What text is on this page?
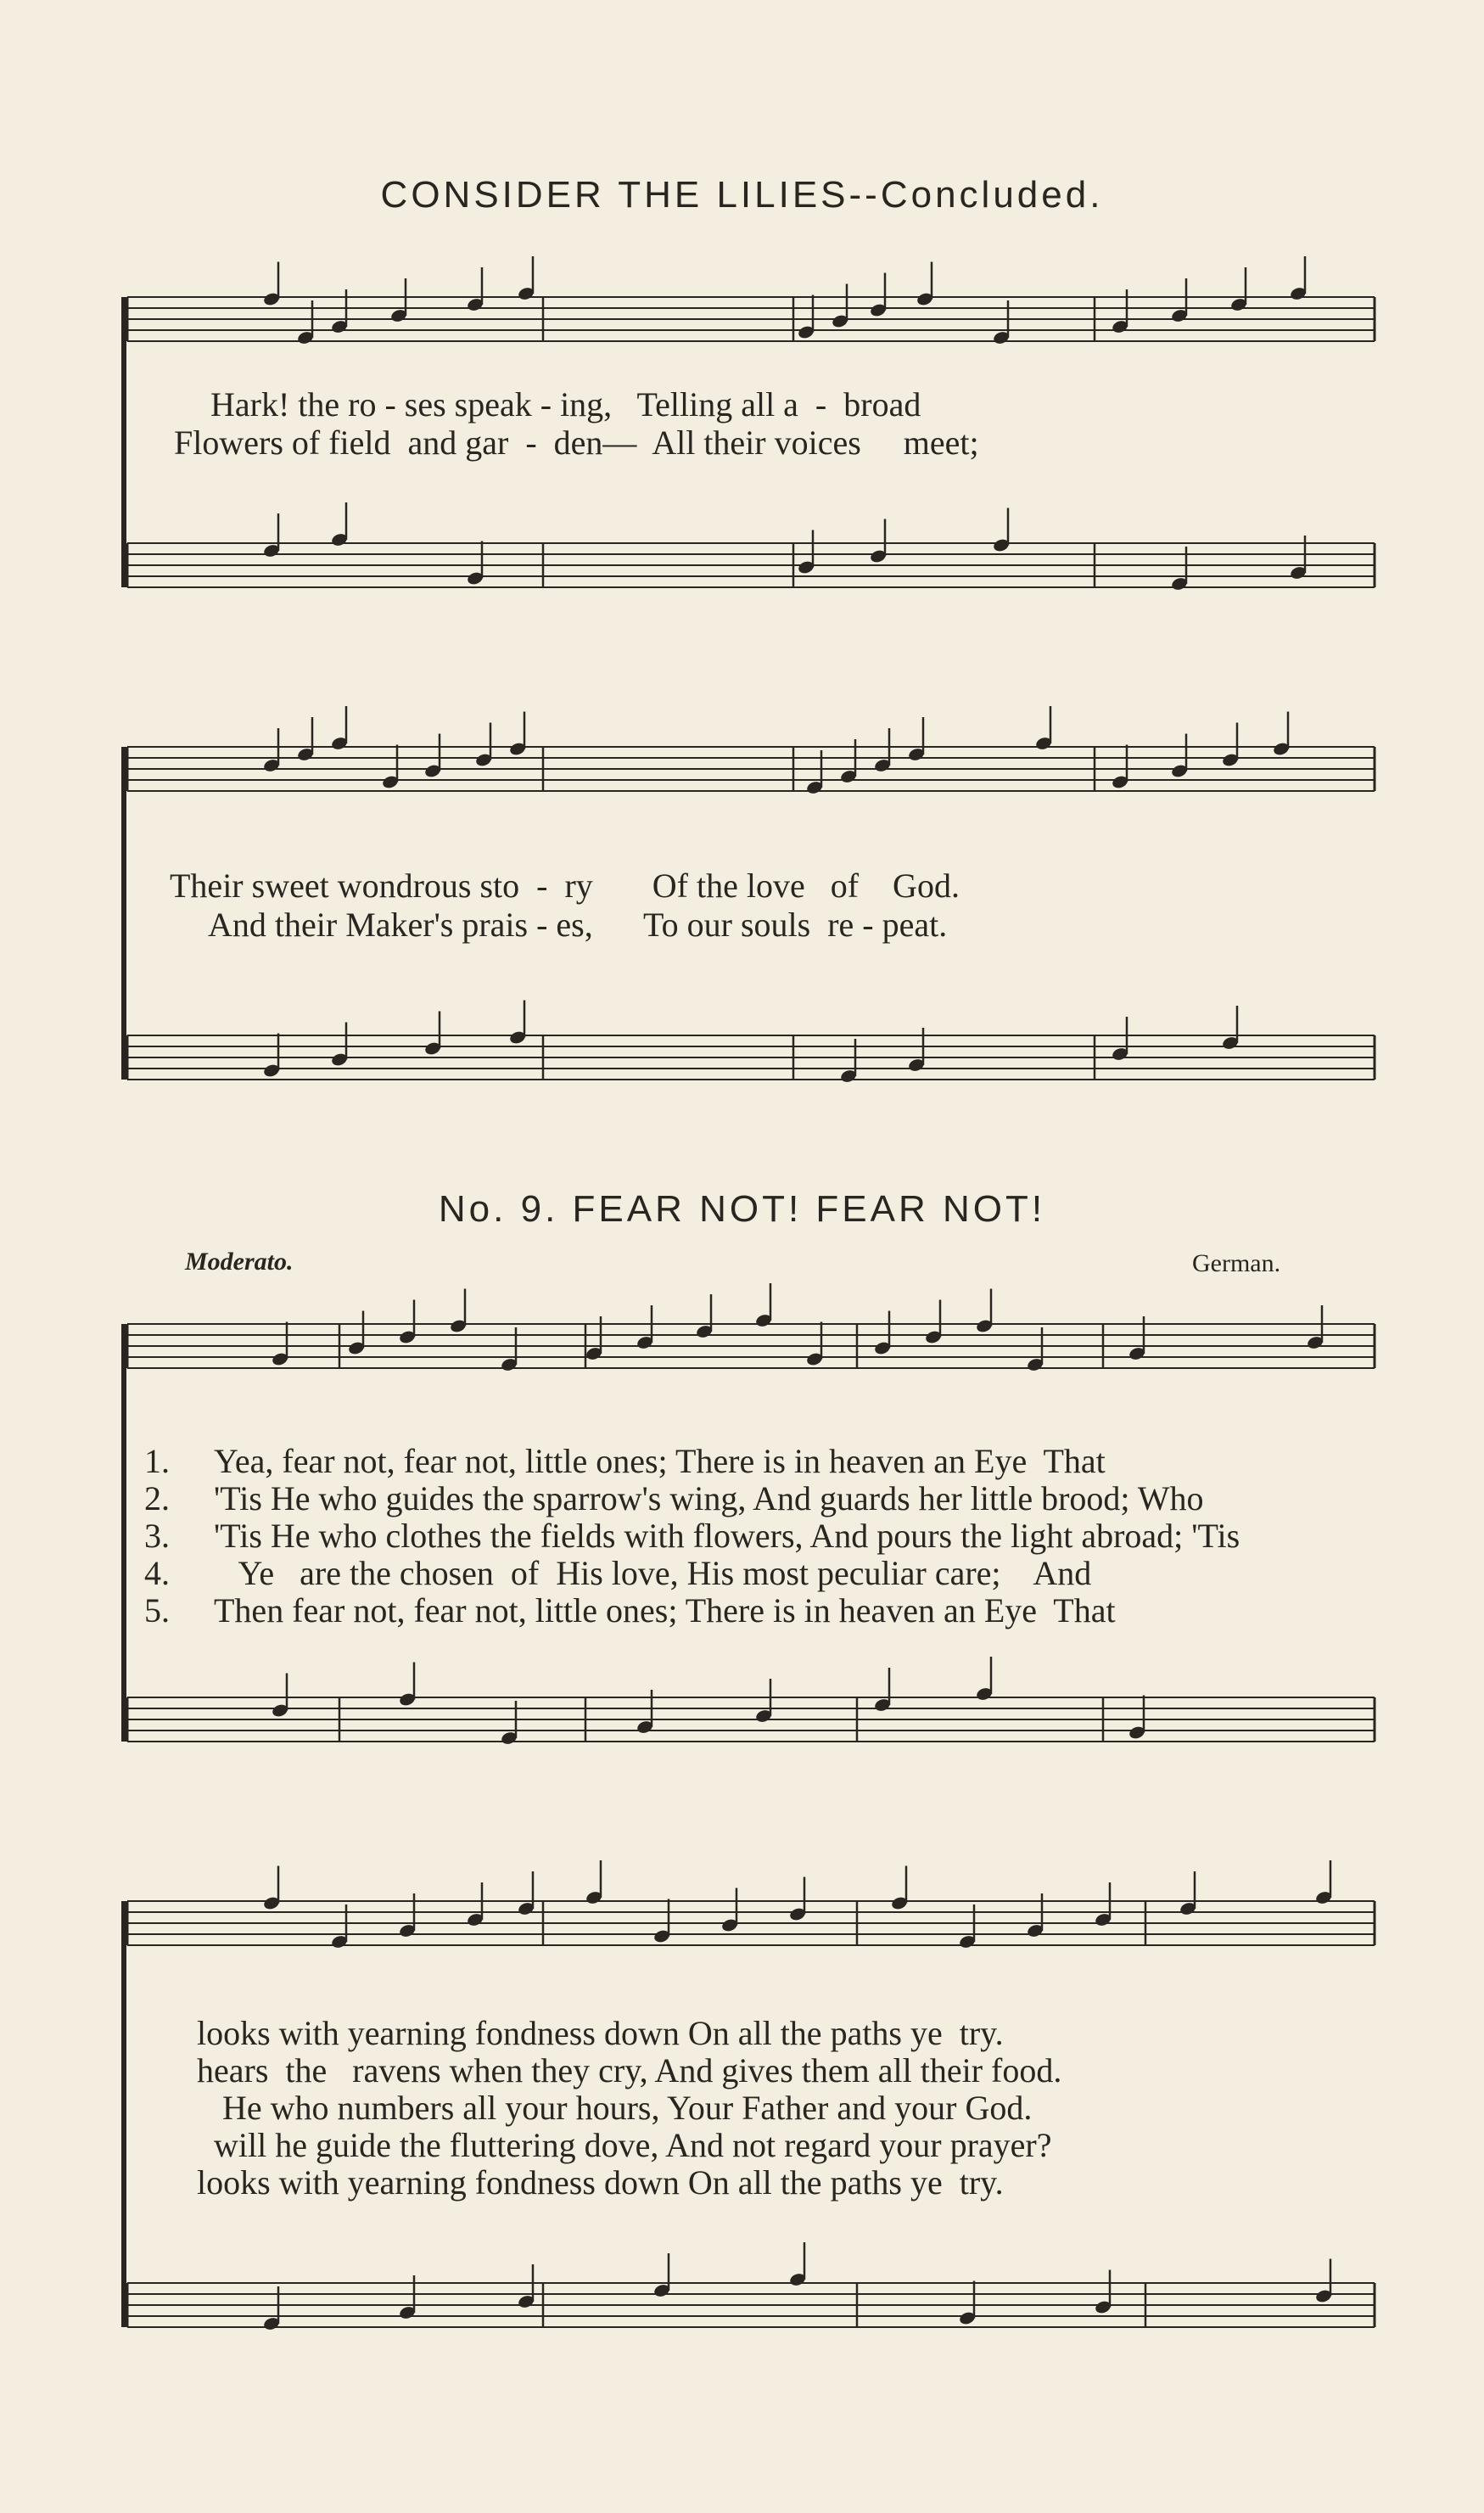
CONSIDER THE LILIES--Concluded.
Hark! the ro - ses speak - ing,   Telling all a  -  broad
Flowers of field  and gar  -  den—  All their voices     meet;
Their sweet wondrous sto  -  ry       Of the love   of    God.
And their Maker's prais - es,      To our souls  re - peat.
No. 9. FEAR NOT! FEAR NOT!
Moderato.	German.
1. Yea, fear not, fear not, little ones; There is in heaven an Eye  That
2. 'Tis He who guides the sparrow's wing, And guards her little brood; Who
3. 'Tis He who clothes the fields with flowers, And pours the light abroad; 'Tis
4. Ye   are the chosen  of  His love, His most peculiar care;    And
5. Then fear not, fear not, little ones; There is in heaven an Eye  That
looks with yearning fondness down On all the paths ye  try.
hears  the   ravens when they cry, And gives them all their food.
He who numbers all your hours, Your Father and your God.
will he guide the fluttering dove, And not regard your prayer?
looks with yearning fondness down On all the paths ye  try.
